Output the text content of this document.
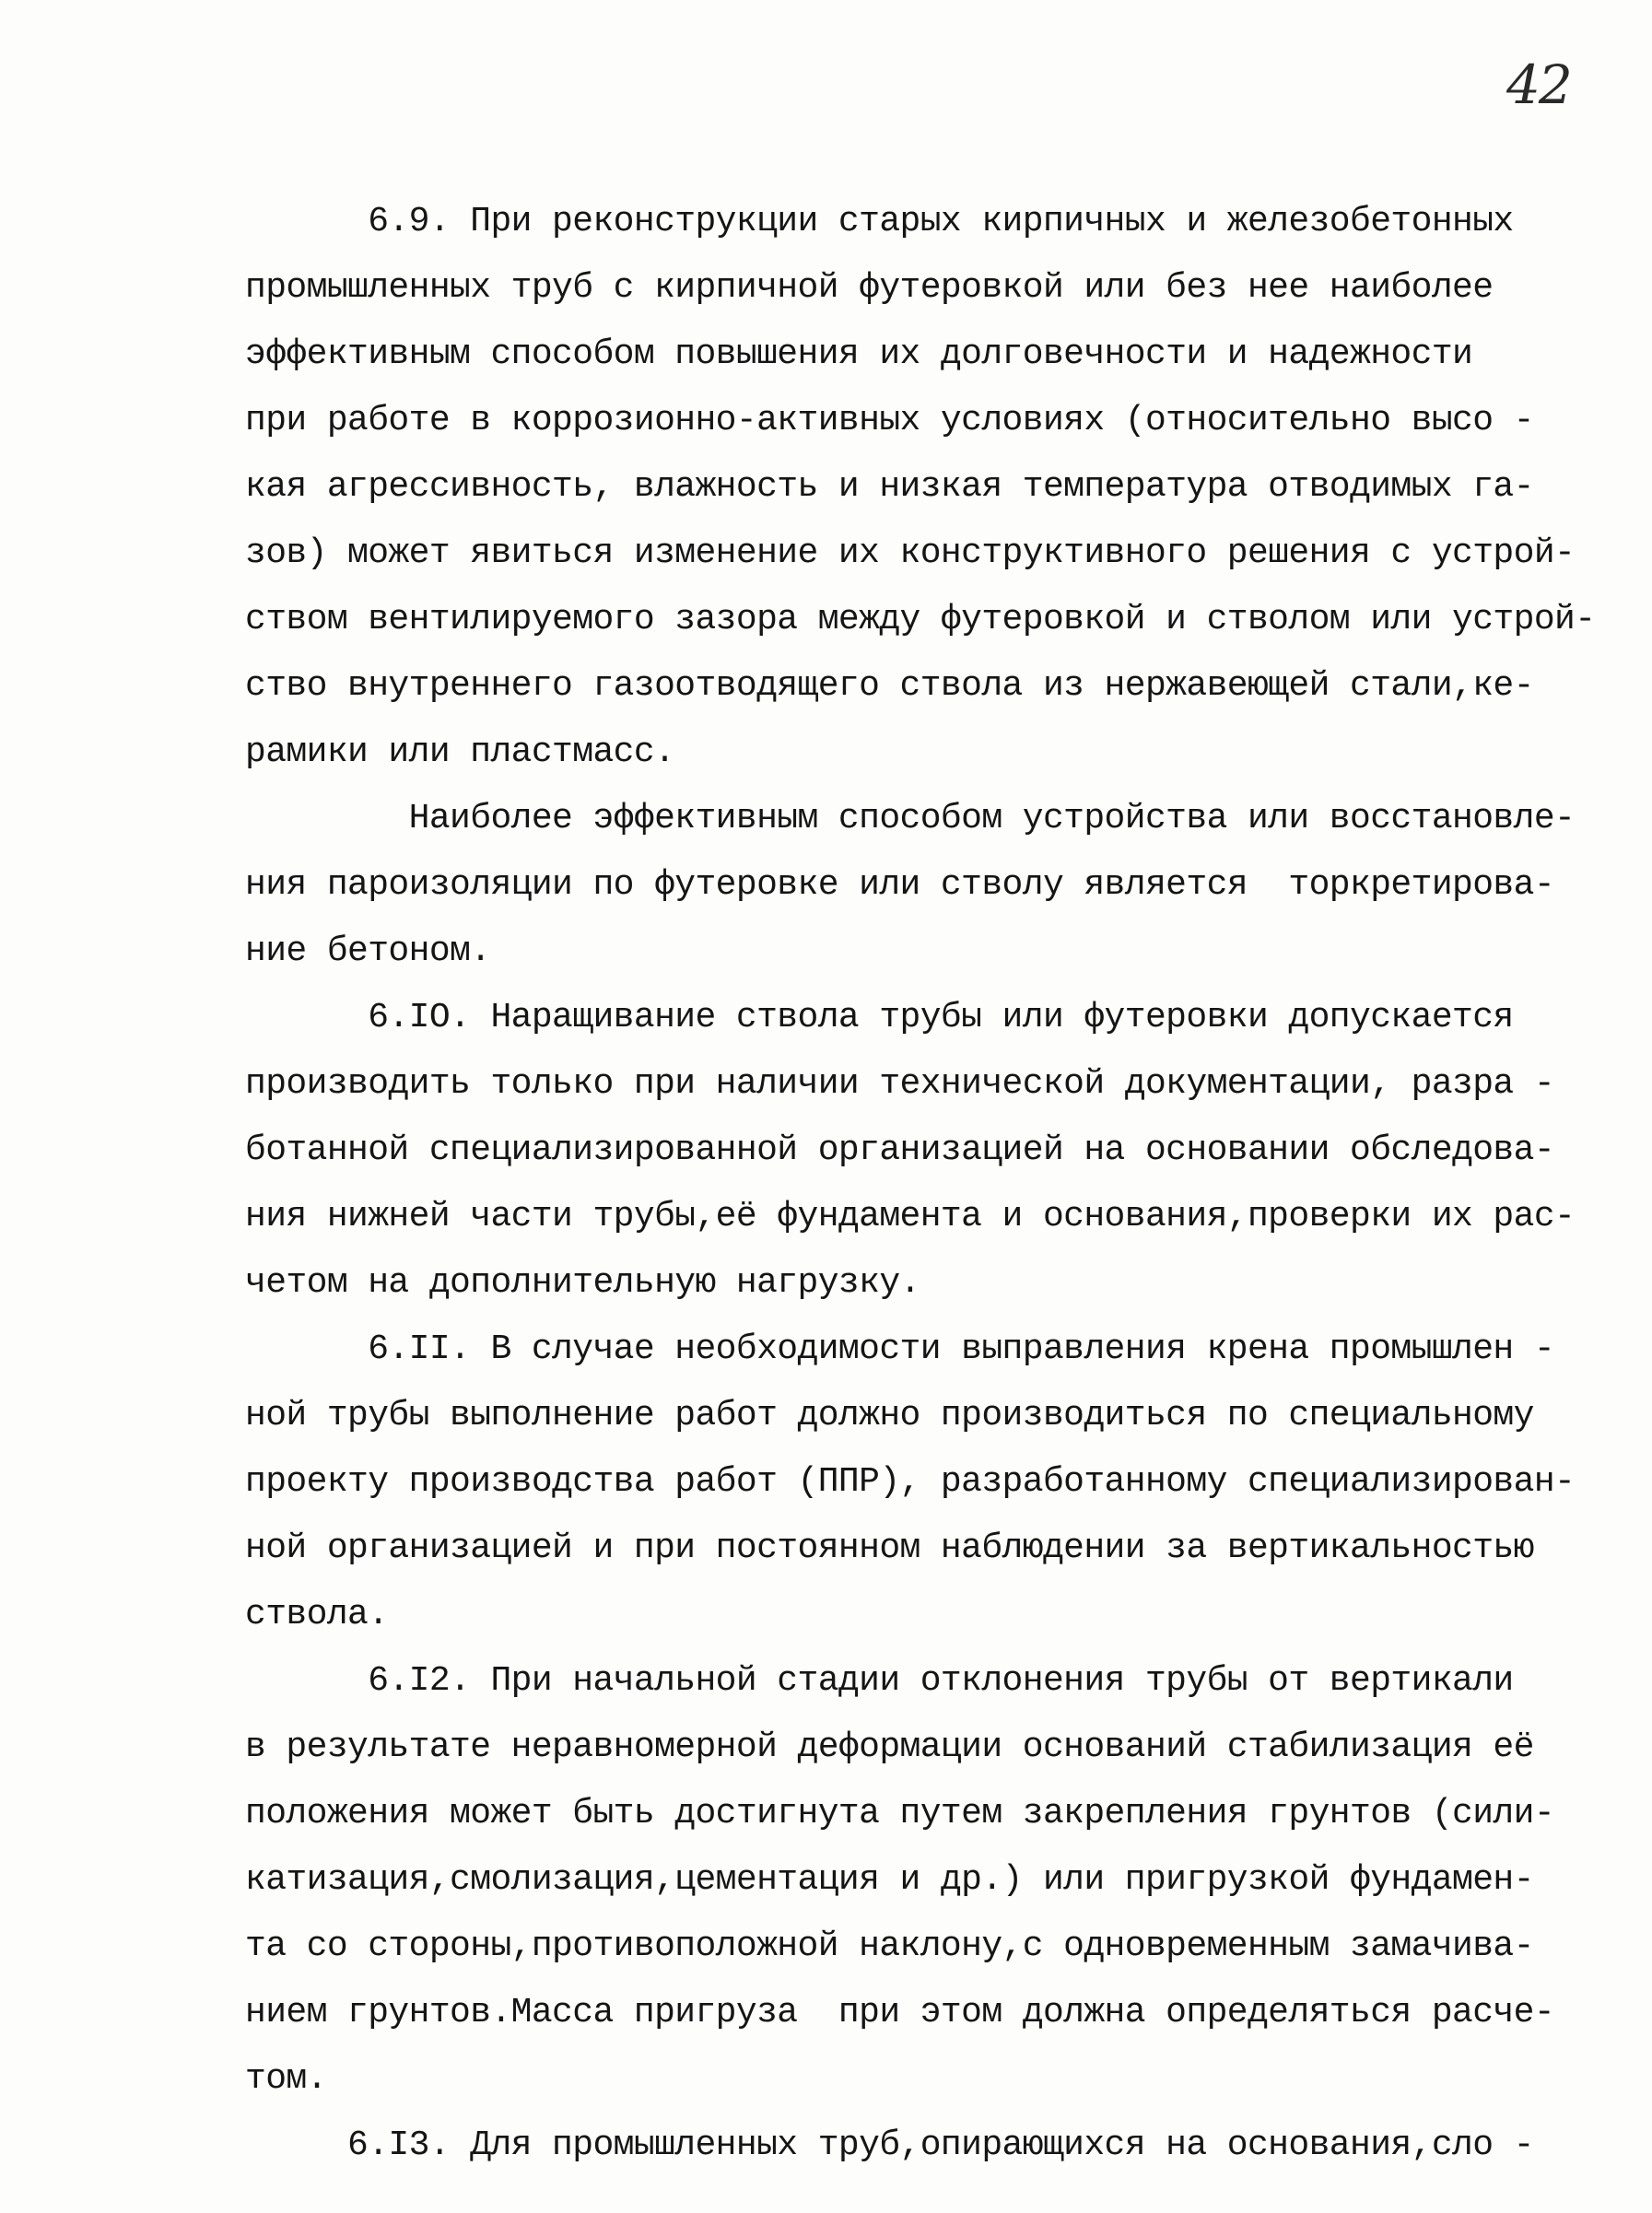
42
6.9. При реконструкции старых кирпичных и железобетонных
промышленных труб с кирпичной футеровкой или без нее наиболее
эффективным способом повышения их долговечности и надежности
при работе в коррозионно-активных условиях (относительно высо -
кая агрессивность, влажность и низкая температура отводимых га-
зов) может явиться изменение их конструктивного решения с устрой-
ством вентилируемого зазора между футеровкой и стволом или устрой-
ство внутреннего газоотводящего ствола из нержавеющей стали,ке-
рамики или пластмасс.
Наиболее эффективным способом устройства или восстановле-
ния пароизоляции по футеровке или стволу является  торкретирова-
ние бетоном.
6.IO. Наращивание ствола трубы или футеровки допускается
производить только при наличии технической документации, разра -
ботанной специализированной организацией на основании обследова-
ния нижней части трубы,её фундамента и основания,проверки их рас-
четом на дополнительную нагрузку.
6.II. В случае необходимости выправления крена промышлен -
ной трубы выполнение работ должно производиться по специальному
проекту производства работ (ППР), разработанному специализирован-
ной организацией и при постоянном наблюдении за вертикальностью
ствола.
6.I2. При начальной стадии отклонения трубы от вертикали
в результате неравномерной деформации оснований стабилизация её
положения может быть достигнута путем закрепления грунтов (сили-
катизация,смолизация,цементация и др.) или пригрузкой фундамен-
та со стороны,противоположной наклону,с одновременным замачива-
нием грунтов.Масса пригруза  при этом должна определяться расче-
том.
6.I3. Для промышленных труб,опирающихся на основания,сло -
